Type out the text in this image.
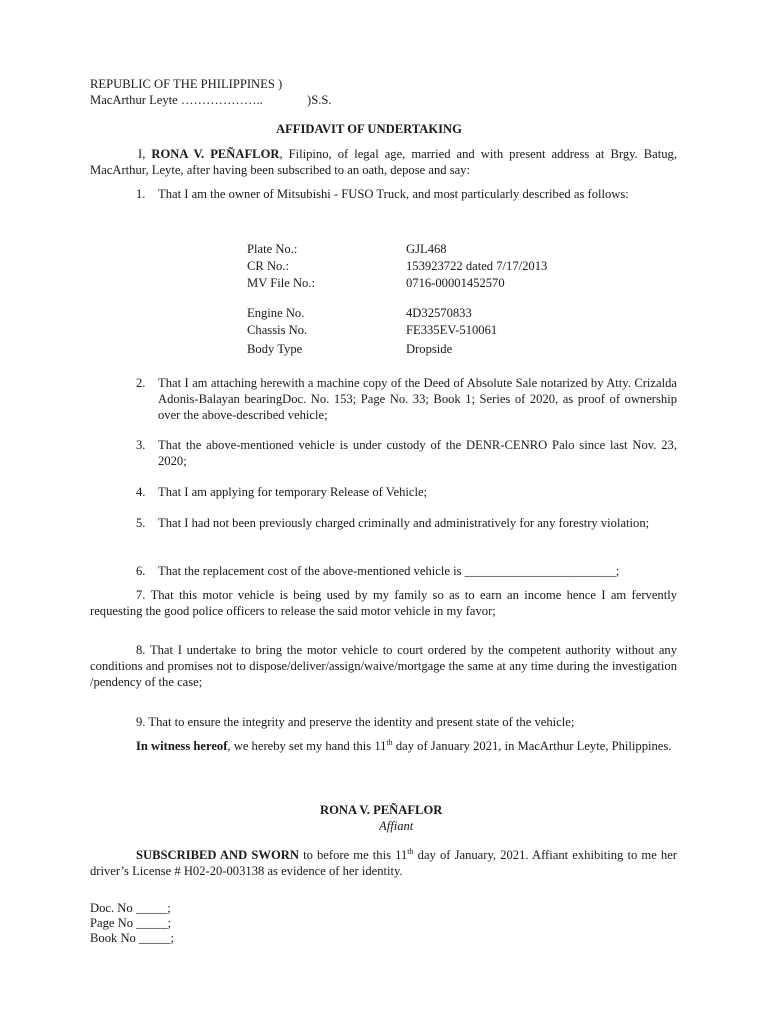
REPUBLIC OF THE PHILIPPINES )
MacArthur Leyte ………………..	)S.S.
AFFIDAVIT OF UNDERTAKING
I, RONA V. PEÑAFLOR, Filipino, of legal age, married and with present address at Brgy. Batug, MacArthur, Leyte, after having been subscribed to an oath, depose and say:
1. That I am the owner of Mitsubishi - FUSO Truck, and most particularly described as follows:
Plate No.:	GJL468
CR No.:	153923722 dated 7/17/2013
MV File No.:	0716-00001452570
Engine No.	4D32570833
Chassis No.	FE335EV-510061
Body Type	Dropside
2. That I am attaching herewith a machine copy of the Deed of Absolute Sale notarized by Atty. Crizalda Adonis-Balayan bearingDoc. No. 153; Page No. 33; Book 1; Series of 2020, as proof of ownership over the above-described vehicle;
3. That the above-mentioned vehicle is under custody of the DENR-CENRO Palo since last Nov. 23, 2020;
4. That I am applying for temporary Release of Vehicle;
5. That I had not been previously charged criminally and administratively for any forestry violation;
6. That the replacement cost of the above-mentioned vehicle is ________________________;
7. That this motor vehicle is being used by my family so as to earn an income hence I am fervently requesting the good police officers to release the said motor vehicle in my favor;
8. That I undertake to bring the motor vehicle to court ordered by the competent authority without any conditions and promises not to dispose/deliver/assign/waive/mortgage the same at any time during the investigation /pendency of the case;
9. That to ensure the integrity and preserve the identity and present state of the vehicle;
In witness hereof, we hereby set my hand this 11th day of January 2021, in MacArthur Leyte, Philippines.
RONA V. PEÑAFLOR
Affiant
SUBSCRIBED AND SWORN to before me this 11th day of January, 2021. Affiant exhibiting to me her driver’s License # H02-20-003138 as evidence of her identity.
Doc. No _____;
Page No _____;
Book No _____;
